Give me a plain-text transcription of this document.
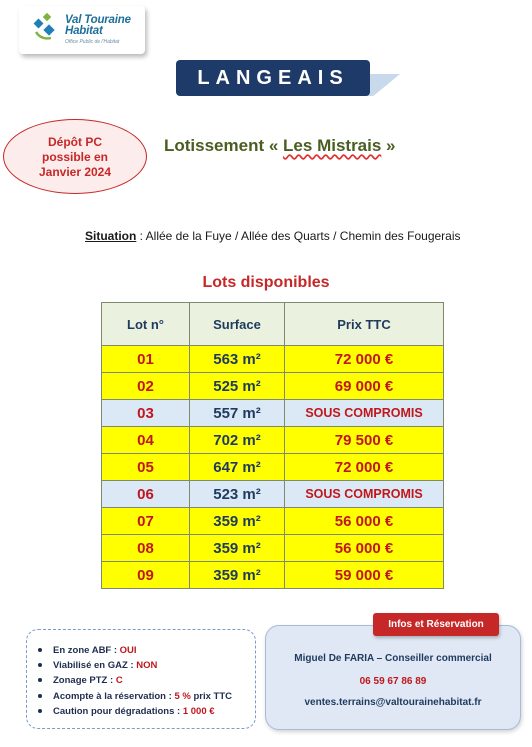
Val Touraine
Habitat
Office Public de l'Habitat
LANGEAIS
Dépôt PC
possible en
Janvier 2024
Lotissement « Les Mistrais »
Situation : Allée de la Fuye / Allée des Quarts / Chemin des Fougerais
Lots disponibles
Lot n°	Surface	Prix TTC
01	563 m²	72 000 €
02	525 m²	69 000 €
03	557 m²	SOUS COMPROMIS
04	702 m²	79 500 €
05	647 m²	72 000 €
06	523 m²	SOUS COMPROMIS
07	359 m²	56 000 €
08	359 m²	56 000 €
09	359 m²	59 000 €
En zone ABF : OUI
Viabilisé en GAZ : NON
Zonage PTZ : C
Acompte à la réservation : 5 % prix TTC
Caution pour dégradations : 1 000 €
Miguel De FARIA – Conseiller commercial
06 59 67 86 89
ventes.terrains@valtourainehabitat.fr
Infos et Réservation
